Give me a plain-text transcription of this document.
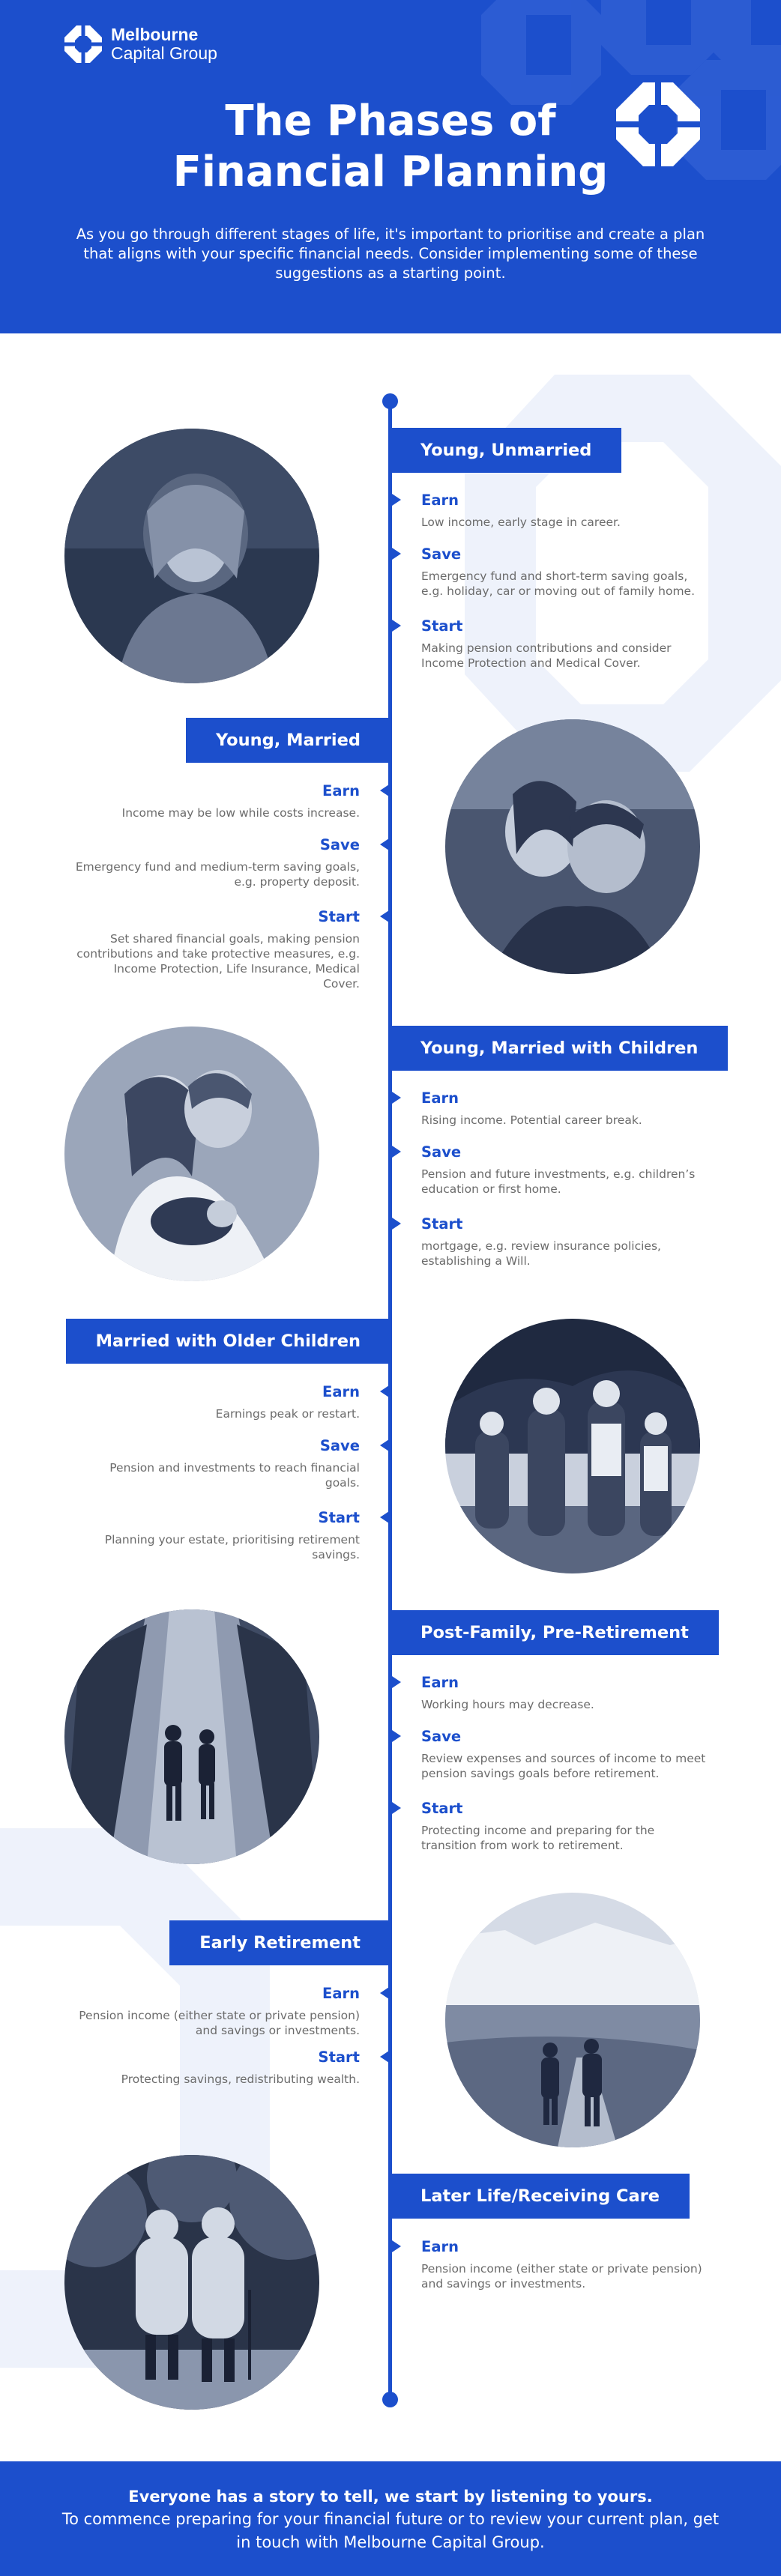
Melbourne
Capital Group
The Phases of
Financial Planning

As you go through different stages of life, it's important to prioritise and create a plan that aligns with your specific financial needs. Consider implementing some of these suggestions as a starting point.

Young, Unmarried
Earn
Low income, early stage in career.
Save
Emergency fund and short-term saving goals, e.g. holiday, car or moving out of family home.
Start
Making pension contributions and consider Income Protection and Medical Cover.
Young, Married
Earn
Income may be low while costs increase.
Save
Emergency fund and medium-term saving goals, e.g. property deposit.
Start
Set shared financial goals, making pension contributions and take protective measures, e.g. Income Protection, Life Insurance, Medical Cover.
Young, Married with Children
Earn
Rising income. Potential career break.
Save
Pension and future investments, e.g. children’s education or first home.
Start
mortgage, e.g. review insurance policies, establishing a Will.
Married with Older Children
Earn
Earnings peak or restart.
Save
Pension and investments to reach financial goals.
Start
Planning your estate, prioritising retirement savings.
Post-Family, Pre-Retirement
Earn
Working hours may decrease.
Save
Review expenses and sources of income to meet pension savings goals before retirement.
Start
Protecting income and preparing for the transition from work to retirement.
Early Retirement
Earn
Pension income (either state or private pension) and savings or investments.
Start
Protecting savings, redistributing wealth.
Later Life/Receiving Care
Earn
Pension income (either state or private pension) and savings or investments.
Everyone has a story to tell, we start by listening to yours.
To commence preparing for your financial future or to review your current plan, get in touch with Melbourne Capital Group.
